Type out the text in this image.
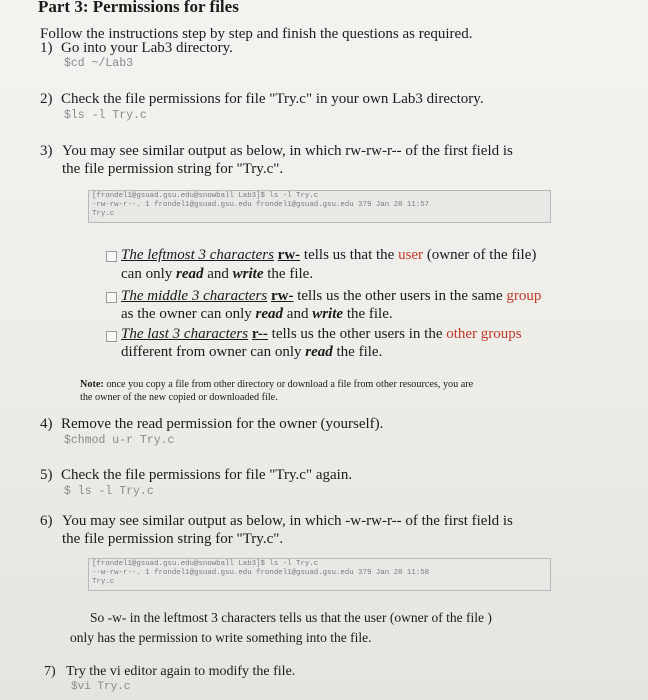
Part 3: Permissions for files
Follow the instructions step by step and finish the questions as required.
1) Go into your Lab3 directory.
$cd ~/Lab3
2) Check the file permissions for file "Try.c" in your own Lab3 directory.
$ls -l Try.c
3) You may see similar output as below, in which rw-rw-r-- of the first field is
the file permission string for "Try.c".
[frondel1@gsuad.gsu.edu@snowball Lab3]$ ls -l Try.c
-rw-rw-r--. 1 frondel1@gsuad.gsu.edu frondel1@gsuad.gsu.edu 379 Jan 28 11:57
Try.c
The leftmost 3 characters rw- tells us that the user (owner of the file)
can only read and write the file.
The middle 3 characters rw- tells us the other users in the same group
as the owner can only read and write the file.
The last 3 characters r-- tells us the other users in the other groups
different from owner can only read the file.
Note: once you copy a file from other directory or download a file from other resources, you are
the owner of the new copied or downloaded file.
4) Remove the read permission for the owner (yourself).
$chmod u-r Try.c
5) Check the file permissions for file "Try.c" again.
$ ls -l Try.c
6) You may see similar output as below, in which -w-rw-r-- of the first field is
the file permission string for "Try.c".
[frondel1@gsuad.gsu.edu@snowball Lab3]$ ls -l Try.c
--w-rw-r--. 1 frondel1@gsuad.gsu.edu frondel1@gsuad.gsu.edu 379 Jan 28 11:58
Try.c
So -w- in the leftmost 3 characters tells us that the user (owner of the file )
only has the permission to write something into the file.
7) Try the vi editor again to modify the file.
$vi Try.c
